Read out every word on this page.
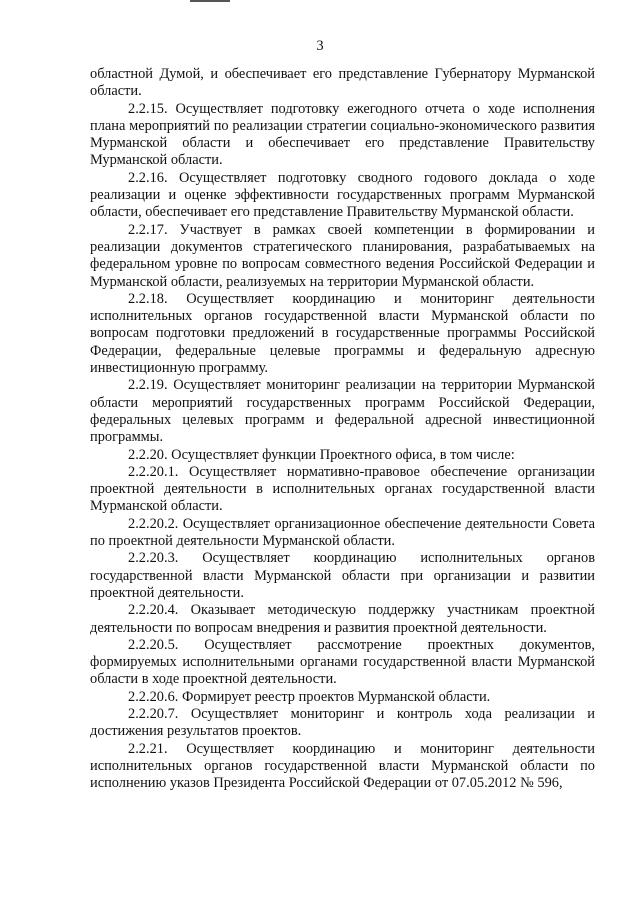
3

областной Думой, и обеспечивает его представление Губернатору Мурманской области.

2.2.15. Осуществляет подготовку ежегодного отчета о ходе исполнения плана мероприятий по реализации стратегии социально-экономического развития Мурманской области и обеспечивает его представление Правительству Мурманской области.

2.2.16. Осуществляет подготовку сводного годового доклада о ходе реализации и оценке эффективности государственных программ Мурманской области, обеспечивает его представление Правительству Мурманской области.

2.2.17. Участвует в рамках своей компетенции в формировании и реализации документов стратегического планирования, разрабатываемых на федеральном уровне по вопросам совместного ведения Российской Федерации и Мурманской области, реализуемых на территории Мурманской области.

2.2.18. Осуществляет координацию и мониторинг деятельности исполнительных органов государственной власти Мурманской области по вопросам подготовки предложений в государственные программы Российской Федерации, федеральные целевые программы и федеральную адресную инвестиционную программу.

2.2.19. Осуществляет мониторинг реализации на территории Мурманской области мероприятий государственных программ Российской Федерации, федеральных целевых программ и федеральной адресной инвестиционной программы.

2.2.20. Осуществляет функции Проектного офиса, в том числе:

2.2.20.1. Осуществляет нормативно-правовое обеспечение организации проектной деятельности в исполнительных органах государственной власти Мурманской области.

2.2.20.2. Осуществляет организационное обеспечение деятельности Совета по проектной деятельности Мурманской области.

2.2.20.3. Осуществляет координацию исполнительных органов государственной власти Мурманской области при организации и развитии проектной деятельности.

2.2.20.4. Оказывает методическую поддержку участникам проектной деятельности по вопросам внедрения и развития проектной деятельности.

2.2.20.5. Осуществляет рассмотрение проектных документов, формируемых исполнительными органами государственной власти Мурманской области в ходе проектной деятельности.

2.2.20.6. Формирует реестр проектов Мурманской области.

2.2.20.7. Осуществляет мониторинг и контроль хода реализации и достижения результатов проектов.

2.2.21. Осуществляет координацию и мониторинг деятельности исполнительных органов государственной власти Мурманской области по исполнению указов Президента Российской Федерации от 07.05.2012 № 596,
